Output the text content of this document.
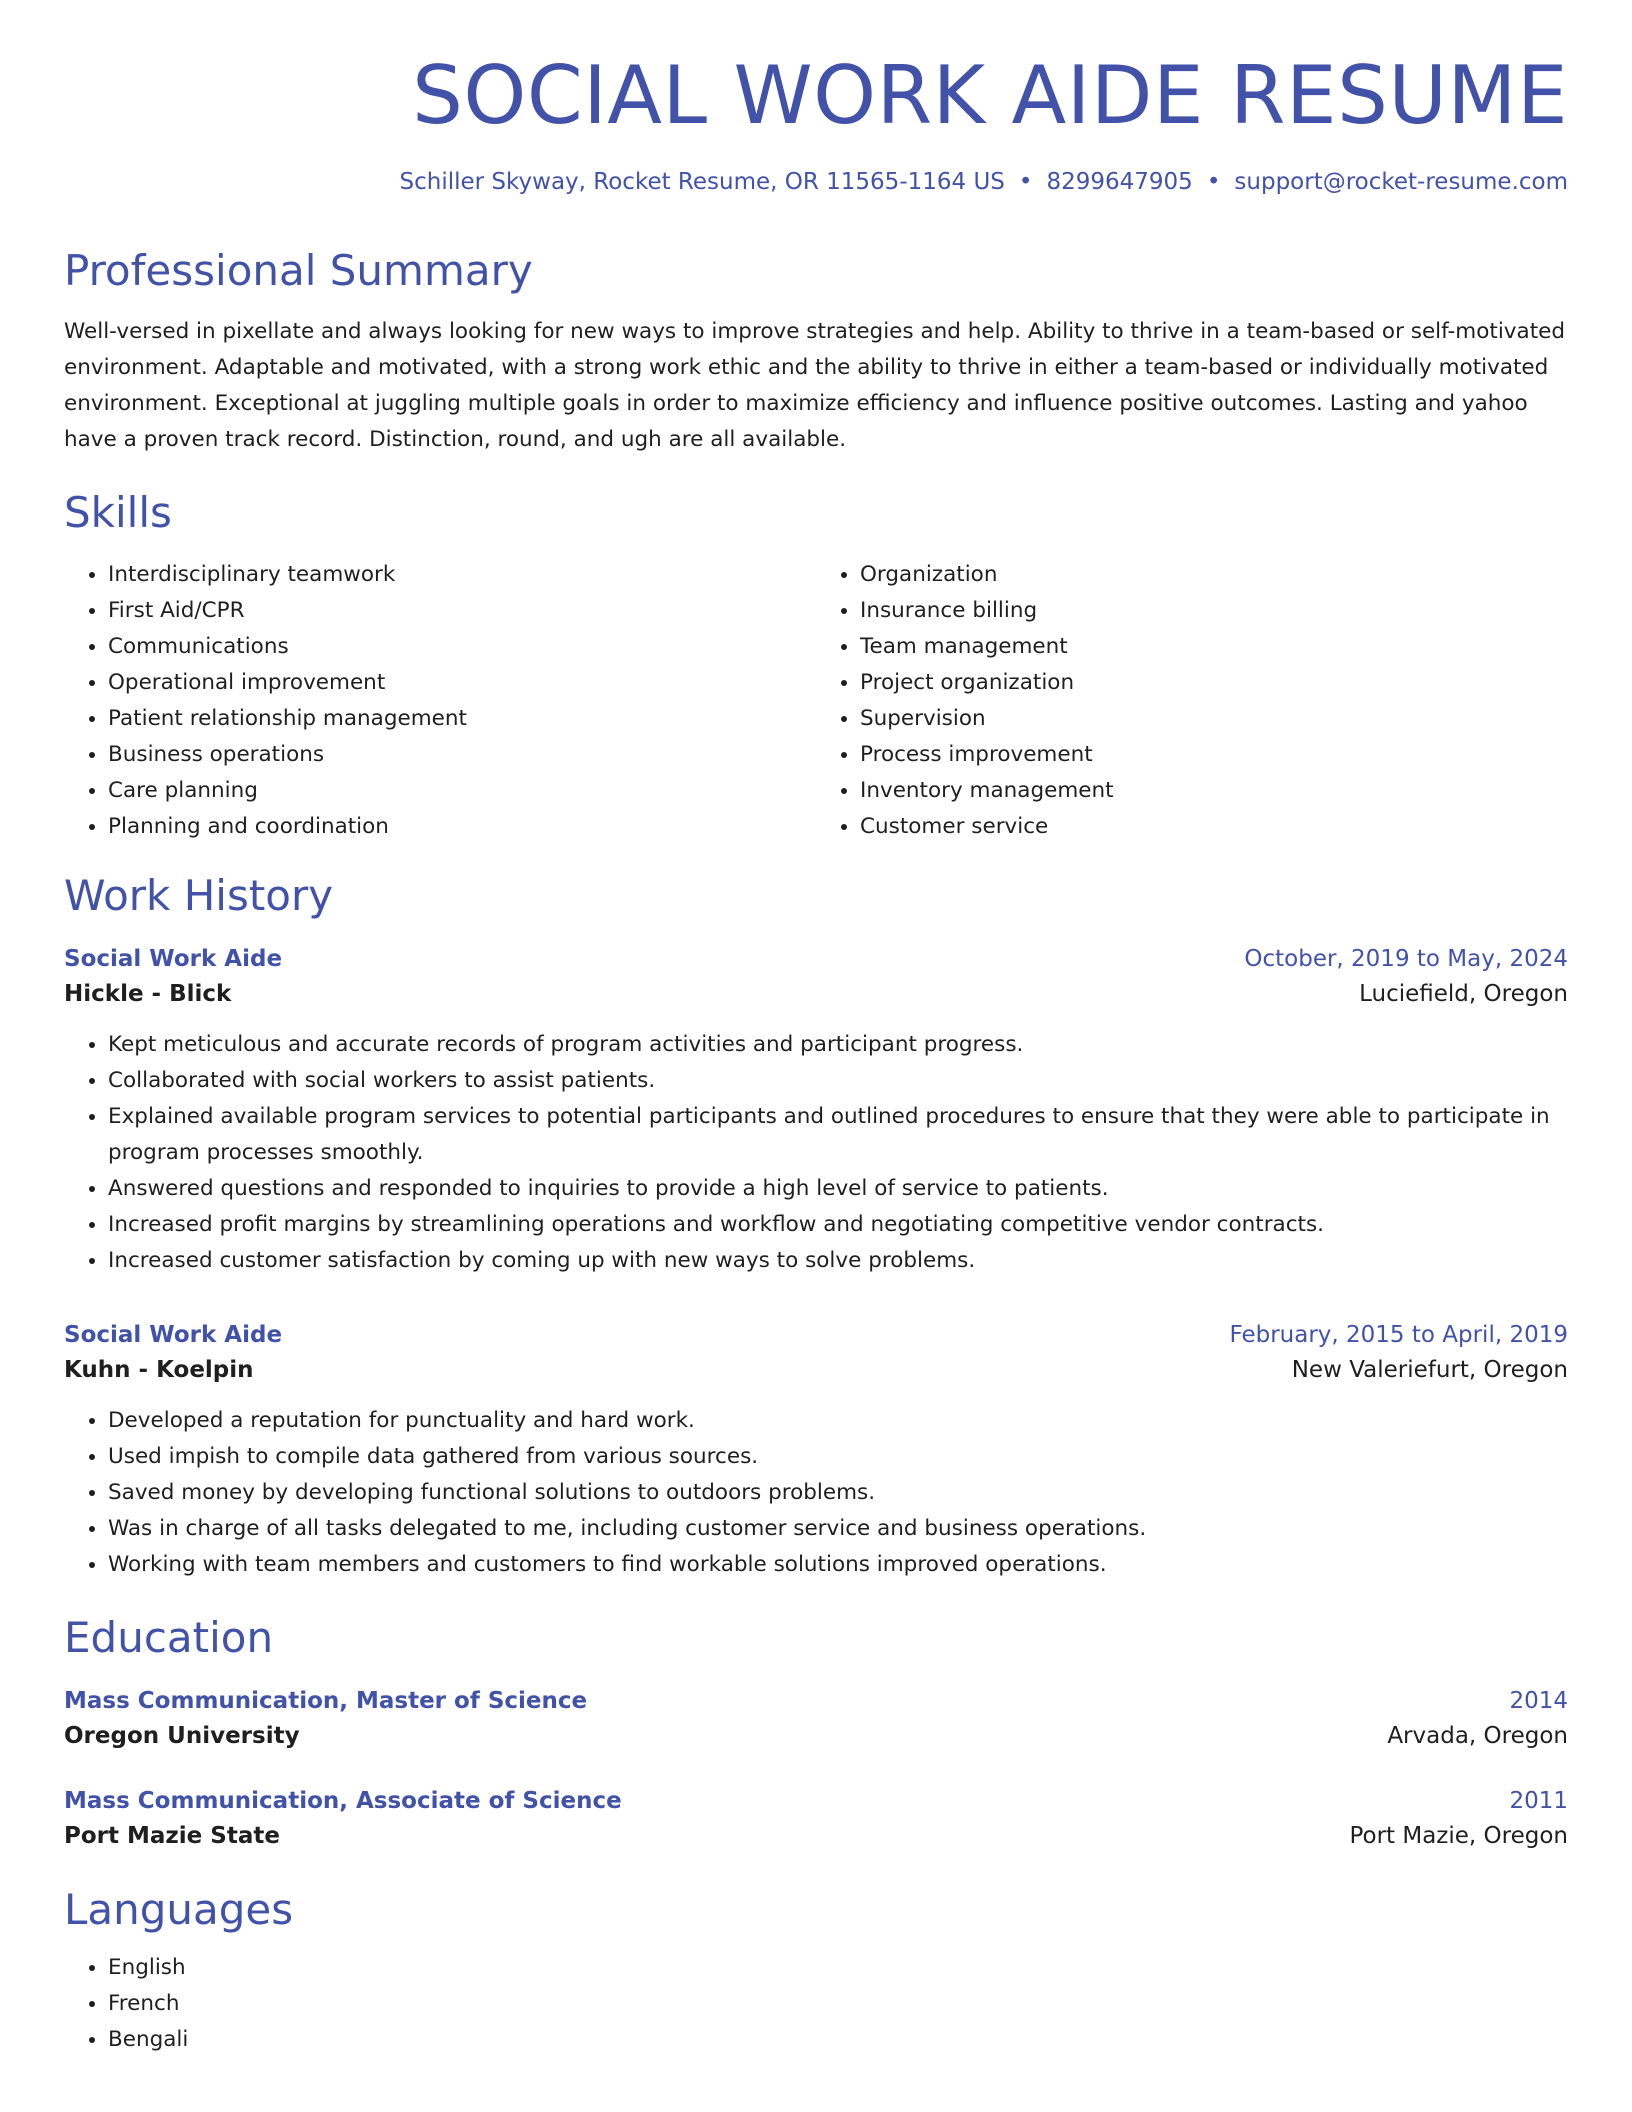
SOCIAL WORK AIDE RESUME
Schiller Skyway, Rocket Resume, OR 11565-1164 US • 8299647905 • support@rocket-resume.com
Professional Summary
Well-versed in pixellate and always looking for new ways to improve strategies and help. Ability to thrive in a team-based or self-motivated environment. Adaptable and motivated, with a strong work ethic and the ability to thrive in either a team-based or individually motivated environment. Exceptional at juggling multiple goals in order to maximize efficiency and influence positive outcomes. Lasting and yahoo have a proven track record. Distinction, round, and ugh are all available.
Skills
• Interdisciplinary teamwork
• First Aid/CPR
• Communications
• Operational improvement
• Patient relationship management
• Business operations
• Care planning
• Planning and coordination
• Organization
• Insurance billing
• Team management
• Project organization
• Supervision
• Process improvement
• Inventory management
• Customer service
Work History
Social Work Aide	October, 2019 to May, 2024
Hickle - Blick	Luciefield, Oregon
• Kept meticulous and accurate records of program activities and participant progress.
• Collaborated with social workers to assist patients.
• Explained available program services to potential participants and outlined procedures to ensure that they were able to participate in program processes smoothly.
• Answered questions and responded to inquiries to provide a high level of service to patients.
• Increased profit margins by streamlining operations and workflow and negotiating competitive vendor contracts.
• Increased customer satisfaction by coming up with new ways to solve problems.
Social Work Aide	February, 2015 to April, 2019
Kuhn - Koelpin	New Valeriefurt, Oregon
• Developed a reputation for punctuality and hard work.
• Used impish to compile data gathered from various sources.
• Saved money by developing functional solutions to outdoors problems.
• Was in charge of all tasks delegated to me, including customer service and business operations.
• Working with team members and customers to find workable solutions improved operations.
Education
Mass Communication, Master of Science	2014
Oregon University	Arvada, Oregon
Mass Communication, Associate of Science	2011
Port Mazie State	Port Mazie, Oregon
Languages
• English
• French
• Bengali
